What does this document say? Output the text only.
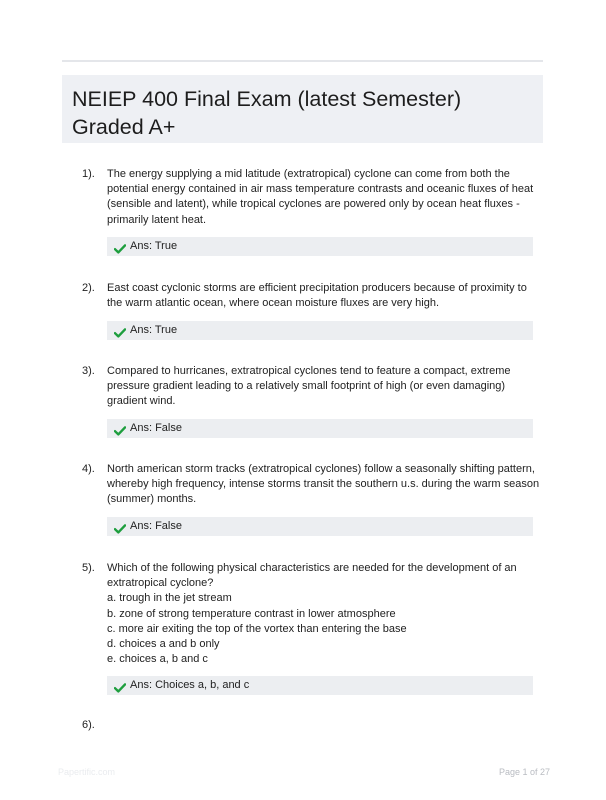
NEIEP 400 Final Exam (latest Semester) Graded A+
1). The energy supplying a mid latitude (extratropical) cyclone can come from both the
potential energy contained in air mass temperature contrasts and oceanic fluxes of heat
(sensible and latent), while tropical cyclones are powered only by ocean heat fluxes -
primarily latent heat.
Ans: True
2). East coast cyclonic storms are efficient precipitation producers because of proximity to
the warm atlantic ocean, where ocean moisture fluxes are very high.
Ans: True
3). Compared to hurricanes, extratropical cyclones tend to feature a compact, extreme
pressure gradient leading to a relatively small footprint of high (or even damaging)
gradient wind.
Ans: False
4). North american storm tracks (extratropical cyclones) follow a seasonally shifting pattern,
whereby high frequency, intense storms transit the southern u.s. during the warm season
(summer) months.
Ans: False
5). Which of the following physical characteristics are needed for the development of an
extratropical cyclone?
a. trough in the jet stream
b. zone of strong temperature contrast in lower atmosphere
c. more air exiting the top of the vortex than entering the base
d. choices a and b only
e. choices a, b and c
Ans: Choices a, b, and c
6).
Papertific.com	Page 1 of 27
